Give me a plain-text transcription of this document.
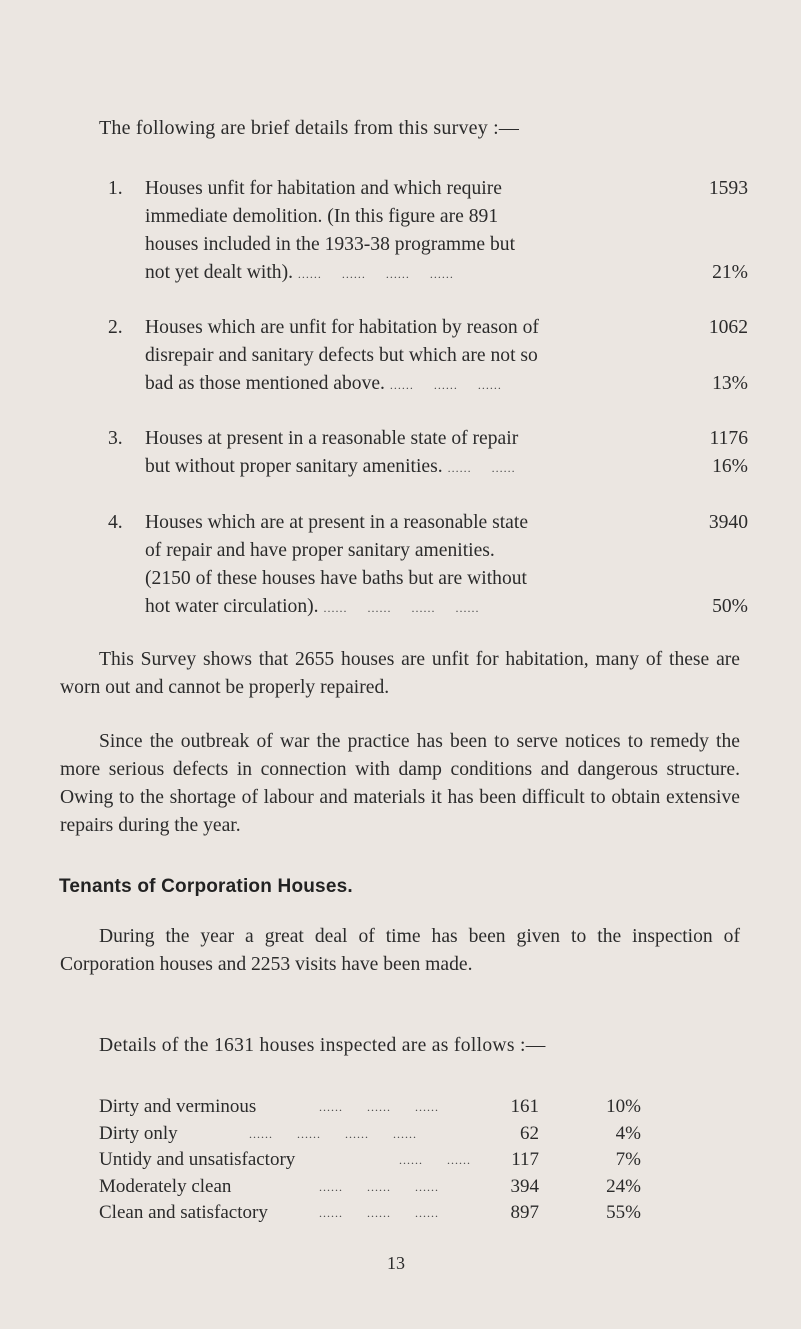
The following are brief details from this survey :—
1.	Houses unfit for habitation and which require
immediate demolition. (In this figure are 891
houses included in the 1933-38 programme but
not yet dealt with). ......     ......     ......     ......
1593
21%
2.	Houses which are unfit for habitation by reason of
disrepair and sanitary defects but which are not so
bad as those mentioned above. ......     ......     ......
1062
13%
3.	Houses at present in a reasonable state of repair
but without proper sanitary amenities. ......     ......
1176
16%
4.	Houses which are at present in a reasonable state
of repair and have proper sanitary amenities.
(2150 of these houses have baths but are without
hot water circulation). ......     ......     ......     ......
3940
50%
This Survey shows that 2655 houses are unfit for habitation, many of these are worn out and cannot be properly repaired.
Since the outbreak of war the practice has been to serve notices to remedy the more serious defects in connection with damp conditions and dangerous structure. Owing to the shortage of labour and materials it has been difficult to obtain extensive repairs during the year.
Tenants of Corporation Houses.
During the year a great deal of time has been given to the inspection of Corporation houses and 2253 visits have been made.
Details of the 1631 houses inspected are as follows :—
Dirty and verminous	......      ......      ......	161	10%
Dirty only	......      ......      ......      ......	62	4%
Untidy and unsatisfactory	......      ......	117	7%
Moderately clean	......      ......      ......	394	24%
Clean and satisfactory	......      ......      ......	897	55%
13
